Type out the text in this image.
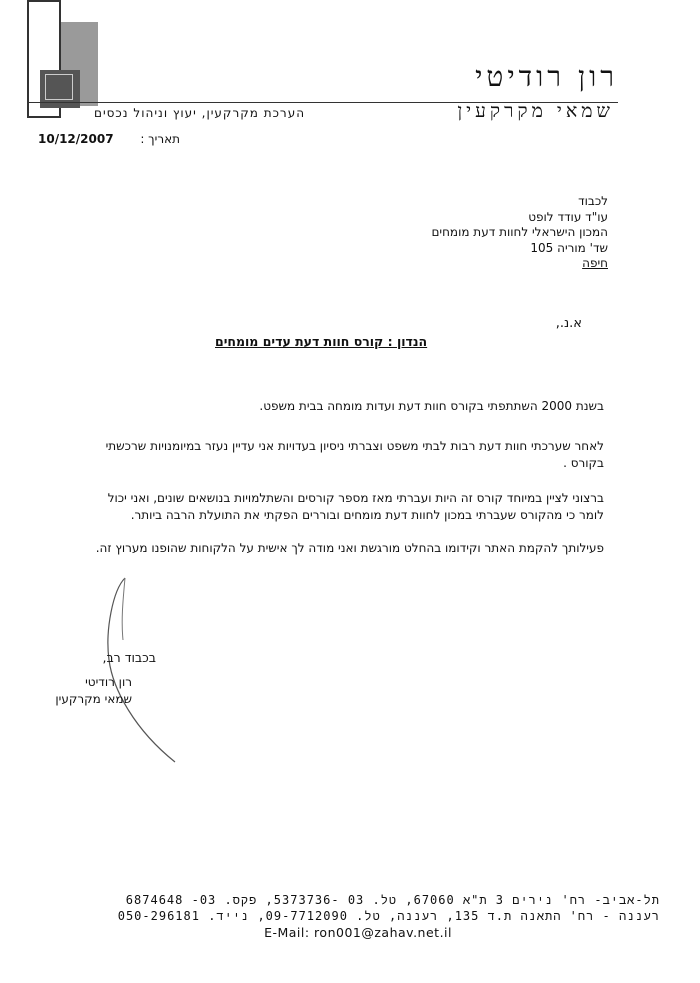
רון רודיטי
שמאי מקרקעין
הערכת מקרקעין, יעוץ וניהול נכסים
תאריך :
10/12/2007
לכבוד
עו"ד עודד לופט
המכון הישראלי לחוות דעת מומחים
שד' מוריה 105
חיפה
א.נ.,
הנדון : קורס חוות דעת עדים מומחים
בשנת 2000 השתתפתי בקורס חוות דעת ועדות מומחה בבית משפט.
לאחר שערכתי חוות דעת רבות לבתי משפט וצברתי ניסיון בעדויות אני עדיין נעזר במיומנויות שרכשתי בקורס .
ברצוני לציין במיוחד קורס זה היות ועברתי מאז מספר קורסים והשתלמויות בנושאים שונים, ואני יכול לומר כי מהקורס שעברתי במכון לחוות דעת מומחים ובוררים הפקתי את התועלת הרבה ביותר.
פעילותך להקמת האתר וקידומו בהחלט מורגשת ואני מודה לך אישית על הלקוחות שהופנו מערוץ זה.
בכבוד רב,
רון רודיטי
שמאי מקרקעין
תל-אביב- רח' נירים 3 ת"א 67060, טל. 03 -5373736, פקס. 03- 6874648
רעננה - רח' התאנה ת.ד 135, רעננה, טל. 09-7712090, נייד. 050-296181
E-Mail: ron001@zahav.net.il
